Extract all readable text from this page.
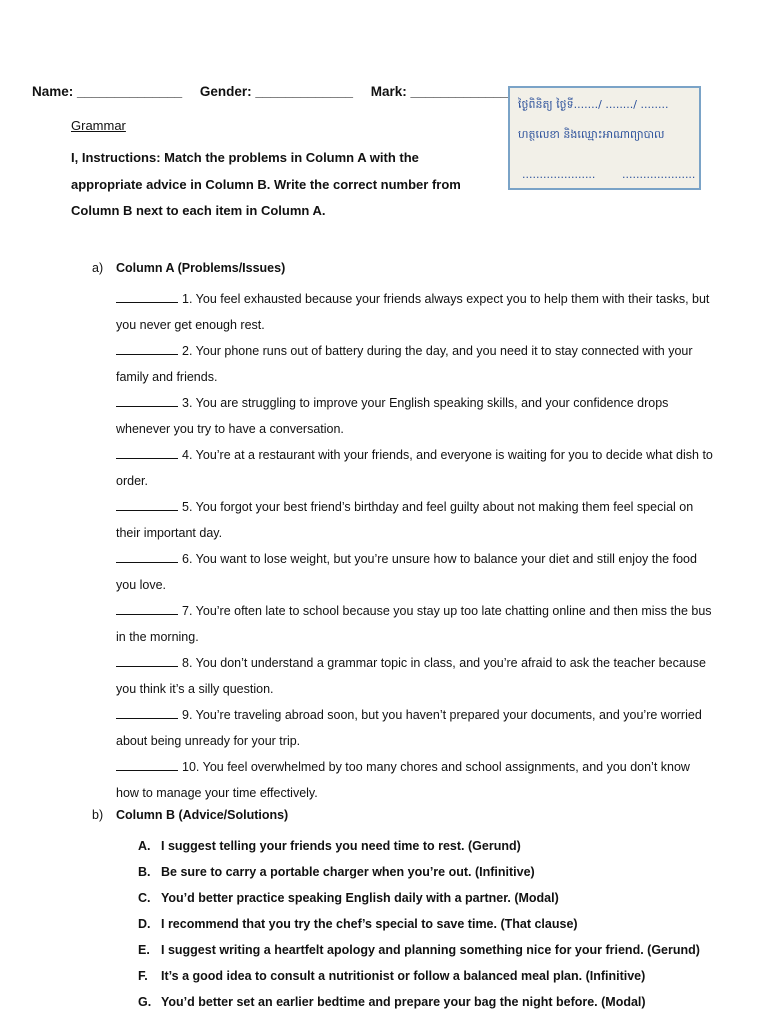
Name: ______________ Gender: _____________ Mark: _____________
ថ្ងៃពិនិត្យ ថ្ងៃទី......./ ......../ ........
ហត្ថលេខា និងឈ្មោះអាណាព្យាបាល
..................... .....................
Grammar
I, Instructions: Match the problems in Column A with the appropriate advice in Column B. Write the correct number from Column B next to each item in Column A.
a) Column A (Problems/Issues)

1. You feel exhausted because your friends always expect you to help them with their tasks, but you never get enough rest.

2. Your phone runs out of battery during the day, and you need it to stay connected with your family and friends.

3. You are struggling to improve your English speaking skills, and your confidence drops whenever you try to have a conversation.

4. You’re at a restaurant with your friends, and everyone is waiting for you to decide what dish to order.

5. You forgot your best friend’s birthday and feel guilty about not making them feel special on their important day.

6. You want to lose weight, but you’re unsure how to balance your diet and still enjoy the food you love.

7. You’re often late to school because you stay up too late chatting online and then miss the bus in the morning.

8. You don’t understand a grammar topic in class, and you’re afraid to ask the teacher because you think it’s a silly question.

9. You’re traveling abroad soon, but you haven’t prepared your documents, and you’re worried about being unready for your trip.

10. You feel overwhelmed by too many chores and school assignments, and you don’t know how to manage your time effectively.

b) Column B (Advice/Solutions)
A. I suggest telling your friends you need time to rest. (Gerund)
B. Be sure to carry a portable charger when you’re out. (Infinitive)
C. You’d better practice speaking English daily with a partner. (Modal)
D. I recommend that you try the chef’s special to save time. (That clause)
E. I suggest writing a heartfelt apology and planning something nice for your friend. (Gerund)
F.	It’s a good idea to consult a nutritionist or follow a balanced meal plan. (Infinitive)
G. You’d better set an earlier bedtime and prepare your bag the night before. (Modal)
